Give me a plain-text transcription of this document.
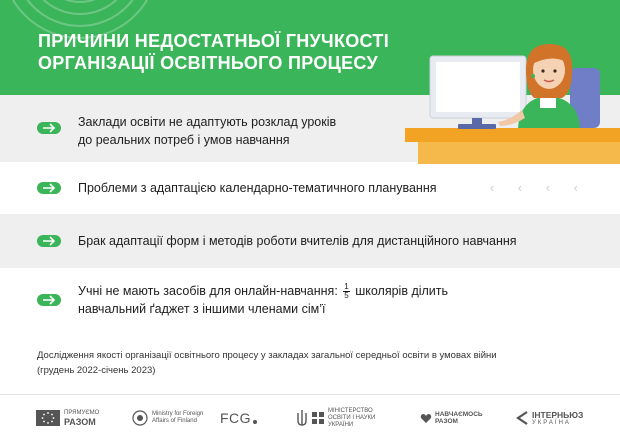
ПРИЧИНИ НЕДОСТАТНЬОЇ ГНУЧКОСТІ
ОРГАНІЗАЦІЇ ОСВІТНЬОГО ПРОЦЕСУ
Заклади освіти не адаптують розклад уроків
до реальних потреб і умов навчання
Проблеми з адаптацією календарно-тематичного планування
Брак адаптації форм і методів роботи вчителів для дистанційного навчання
Учні не мають засобів для онлайн-навчання: $\frac{1}{5}$ школярів ділить
навчальний ґаджет з іншими членами сім’ї
‹ ‹ ‹ ‹
Дослідження якості організації освітнього процесу у закладах загальної середньої освіти в умовах війни
(грудень 2022-січень 2023)
ПРЯМУЄМО
РАЗОМ
Ministry for Foreign
Affairs of Finland	FCG	МІНІСТЕРСТВО
ОСВІТИ І НАУКИ
УКРАЇНИ
НАВЧАЄМОСЬ
РАЗОМ
ІНТЕРНЬЮЗ
УКРАЇНА
